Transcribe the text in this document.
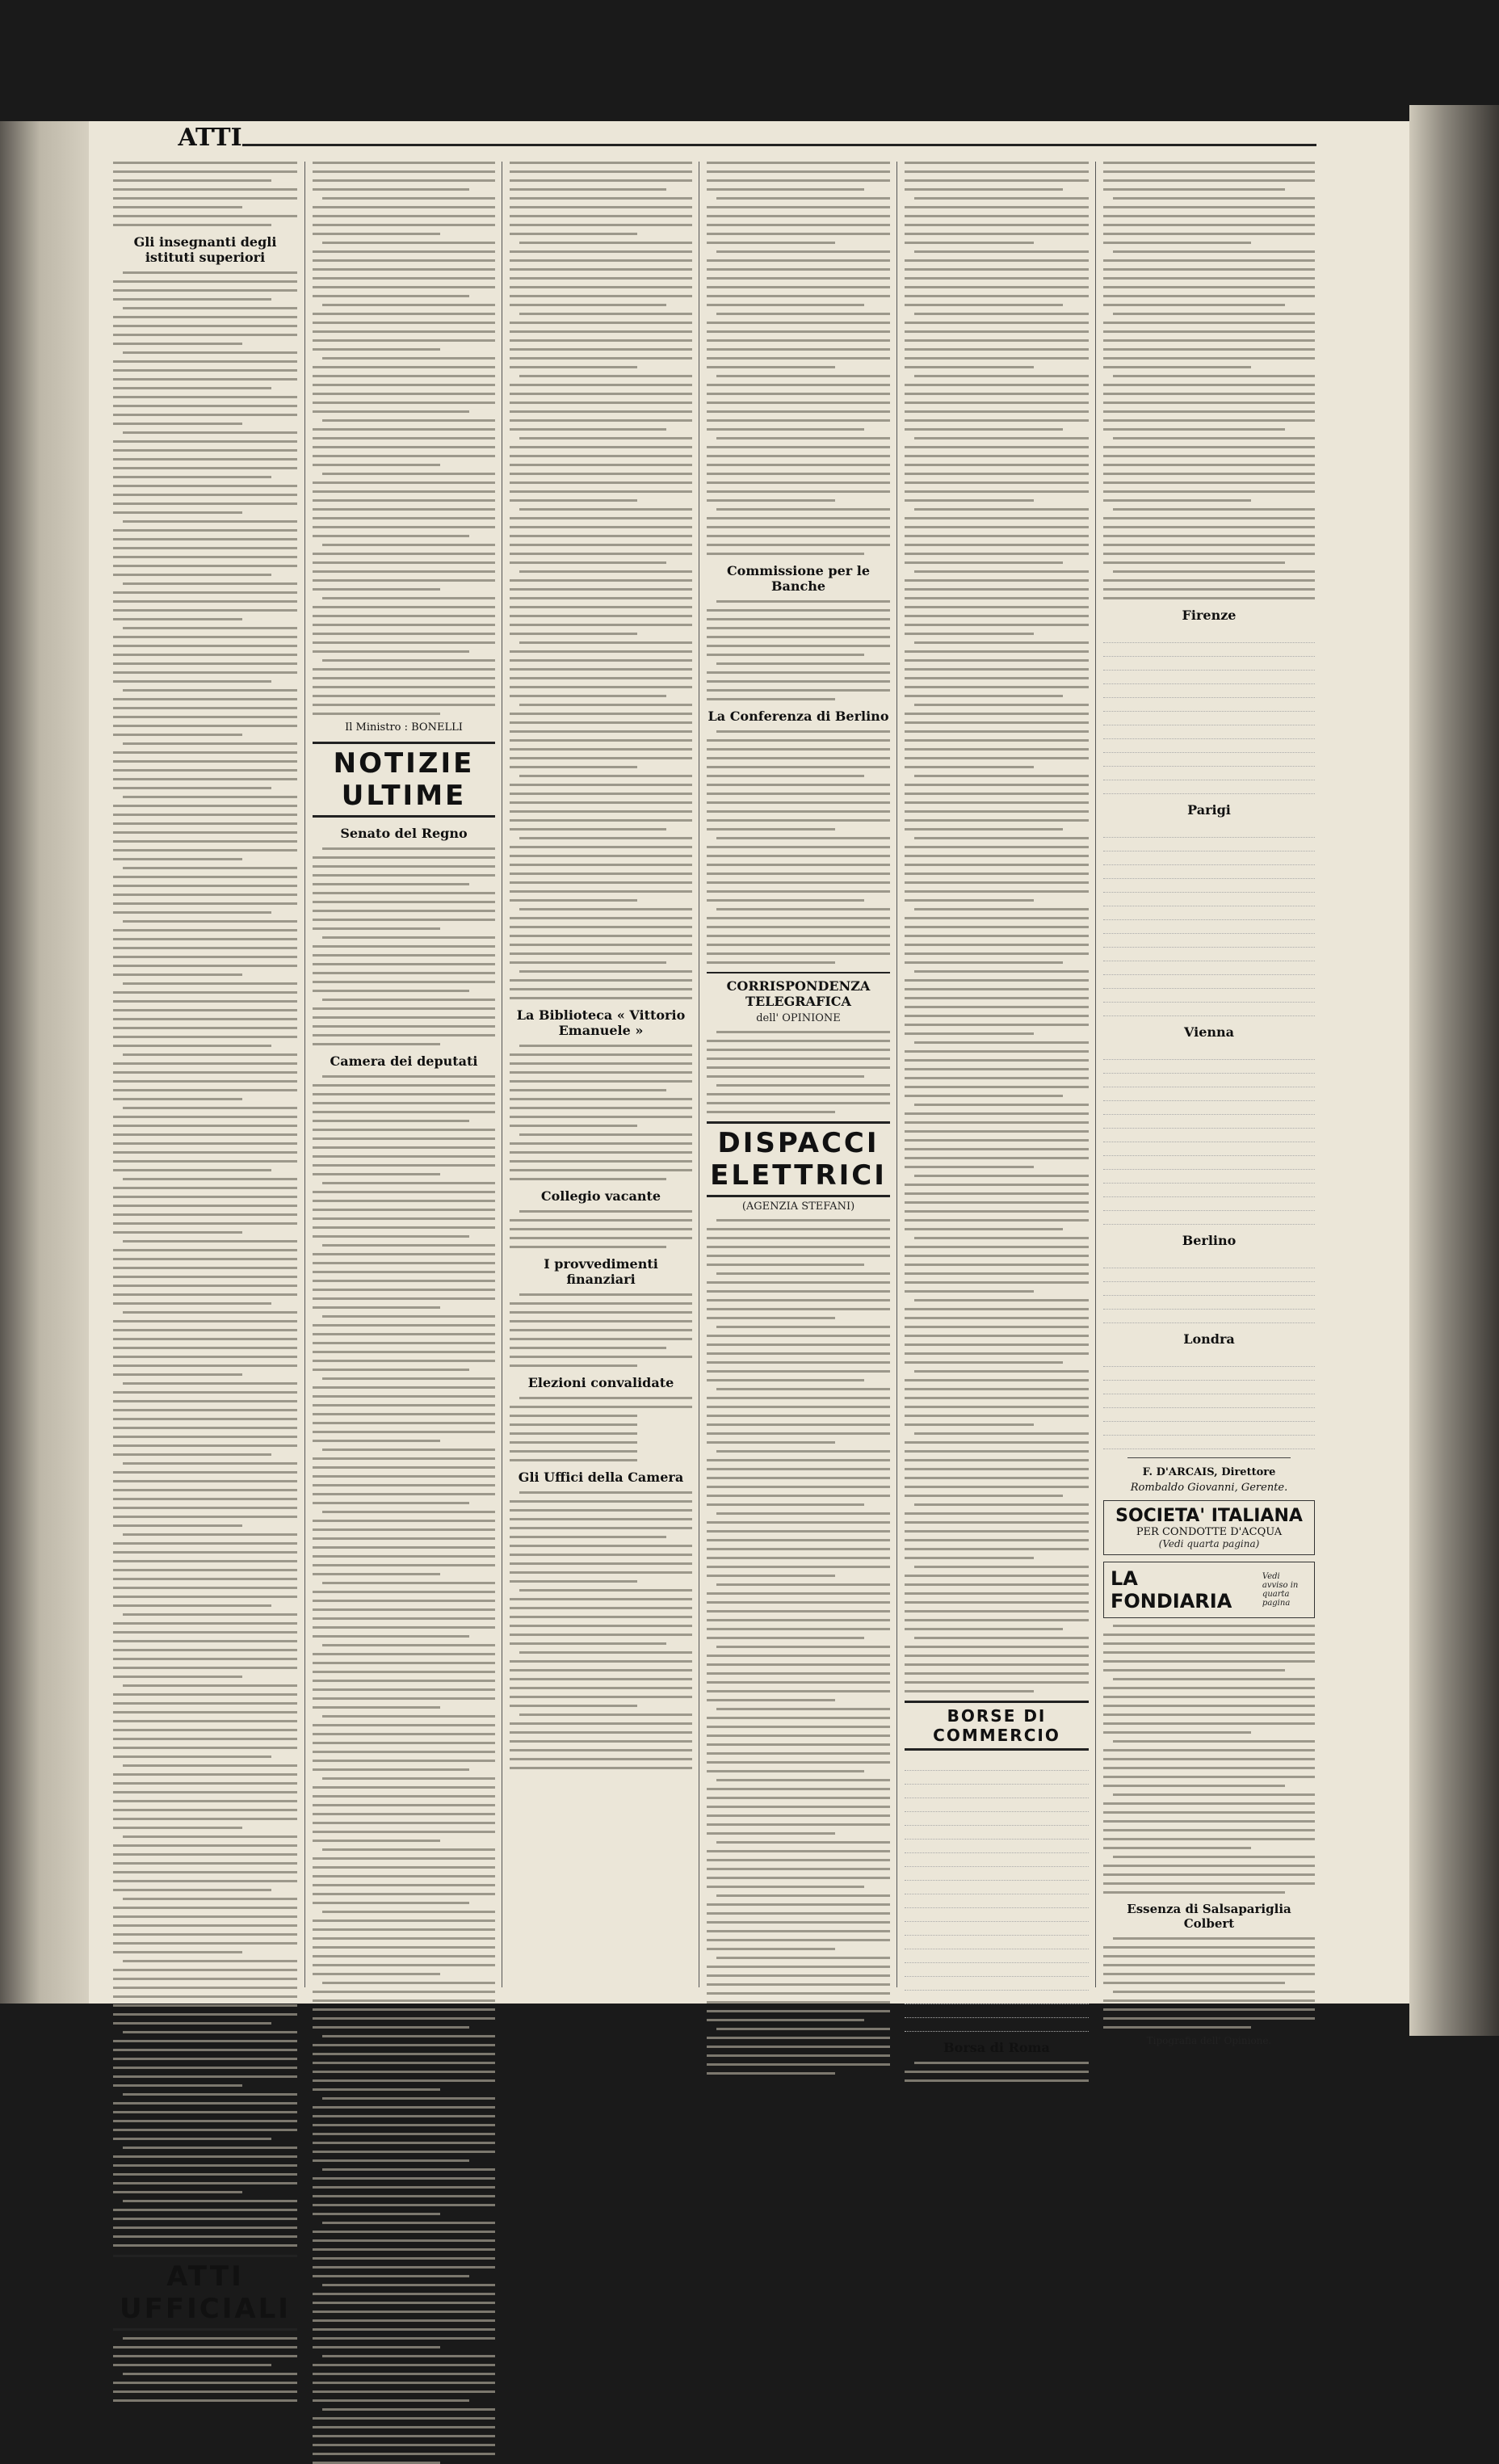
ATTI
Gli insegnanti degli istituti superiori
ATTI UFFICIALI
Il Ministro : BONELLI
NOTIZIE ULTIME
Senato del Regno
Camera dei deputati
La Biblioteca « Vittorio Emanuele »
Collegio vacante
I provvedimenti finanziari
Elezioni convalidate
Gli Uffici della Camera
Commissione per le Banche
La Conferenza di Berlino
CORRISPONDENZA TELEGRAFICA
dell' OPINIONE
DISPACCI ELETTRICI
(AGENZIA STEFANI)
BORSE DI COMMERCIO

Borsa di Roma
Firenze

Parigi

Vienna

Berlino

Londra

F. D'ARCAIS, Direttore
Rombaldo Giovanni, Gerente.
SOCIETA' ITALIANA
PER CONDOTTE D'ACQUA
(Vedi quarta pagina)
LA FONDIARIA
Vedi avviso in quarta pagina
Essenza di Salsapariglia Colbert
Tipografia dell' Opinione.
